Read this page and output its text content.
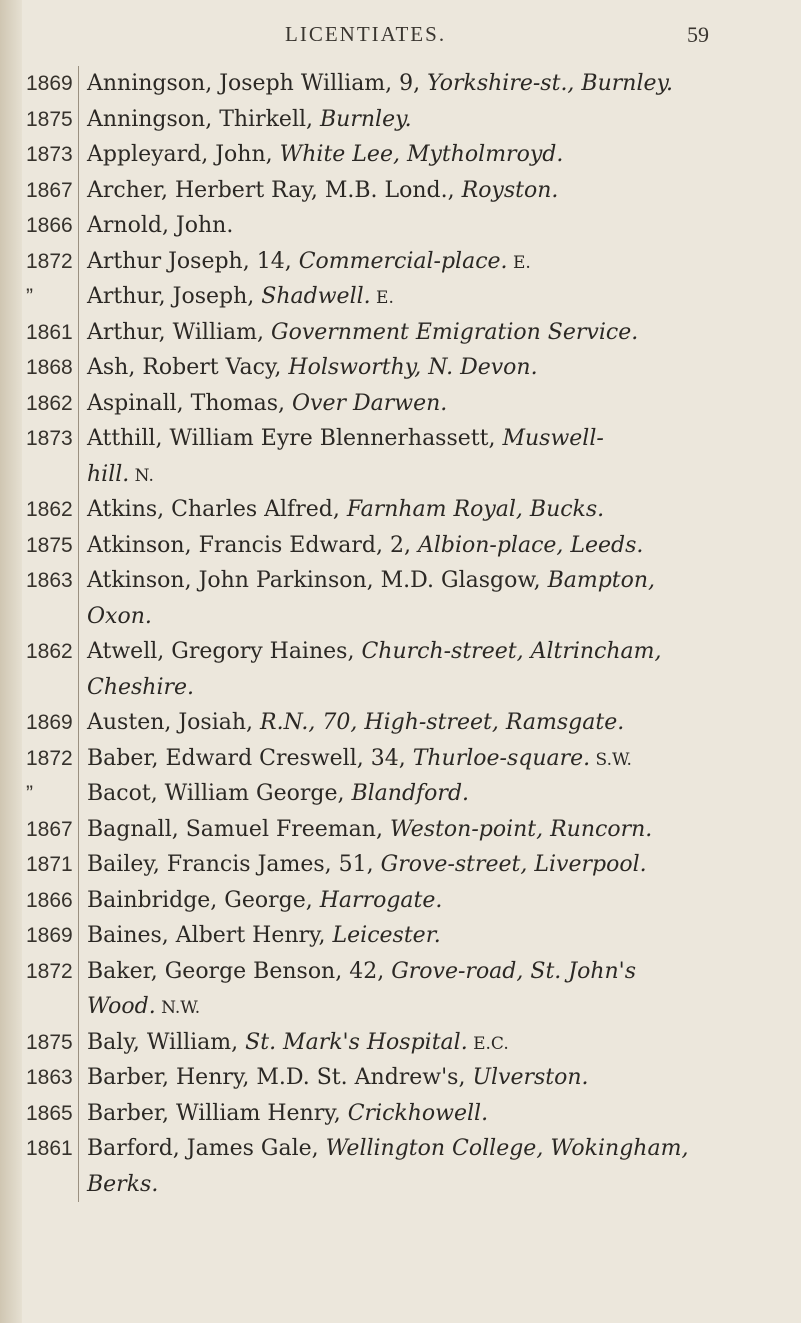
LICENTIATES.	59
1869
1875
1873
1867
1866
1872
”
1861
1868
1862
1873
1862
1875
1863
1862
1869
1872
”
1867
1871
1866
1869
1872
1875
1863
1865
1861
Anningson, Joseph William, 9, Yorkshire-st., Burnley.
Anningson, Thirkell, Burnley.
Appleyard, John, White Lee, Mytholmroyd.
Archer, Herbert Ray, M.B. Lond., Royston.
Arnold, John.
Arthur Joseph, 14, Commercial-place. E.
Arthur, Joseph, Shadwell. E.
Arthur, William, Government Emigration Service.
Ash, Robert Vacy, Holsworthy, N. Devon.
Aspinall, Thomas, Over Darwen.
Atthill, William Eyre Blennerhassett, Muswell-
hill. N.
Atkins, Charles Alfred, Farnham Royal, Bucks.
Atkinson, Francis Edward, 2, Albion-place, Leeds.
Atkinson, John Parkinson, M.D. Glasgow, Bampton,
Oxon.
Atwell, Gregory Haines, Church-street, Altrincham,
Cheshire.
Austen, Josiah, R.N., 70, High-street, Ramsgate.
Baber, Edward Creswell, 34, Thurloe-square. S.W.
Bacot, William George, Blandford.
Bagnall, Samuel Freeman, Weston-point, Runcorn.
Bailey, Francis James, 51, Grove-street, Liverpool.
Bainbridge, George, Harrogate.
Baines, Albert Henry, Leicester.
Baker, George Benson, 42, Grove-road, St. John's
Wood. N.W.
Baly, William, St. Mark's Hospital. E.C.
Barber, Henry, M.D. St. Andrew's, Ulverston.
Barber, William Henry, Crickhowell.
Barford, James Gale, Wellington College, Wokingham,
Berks.
